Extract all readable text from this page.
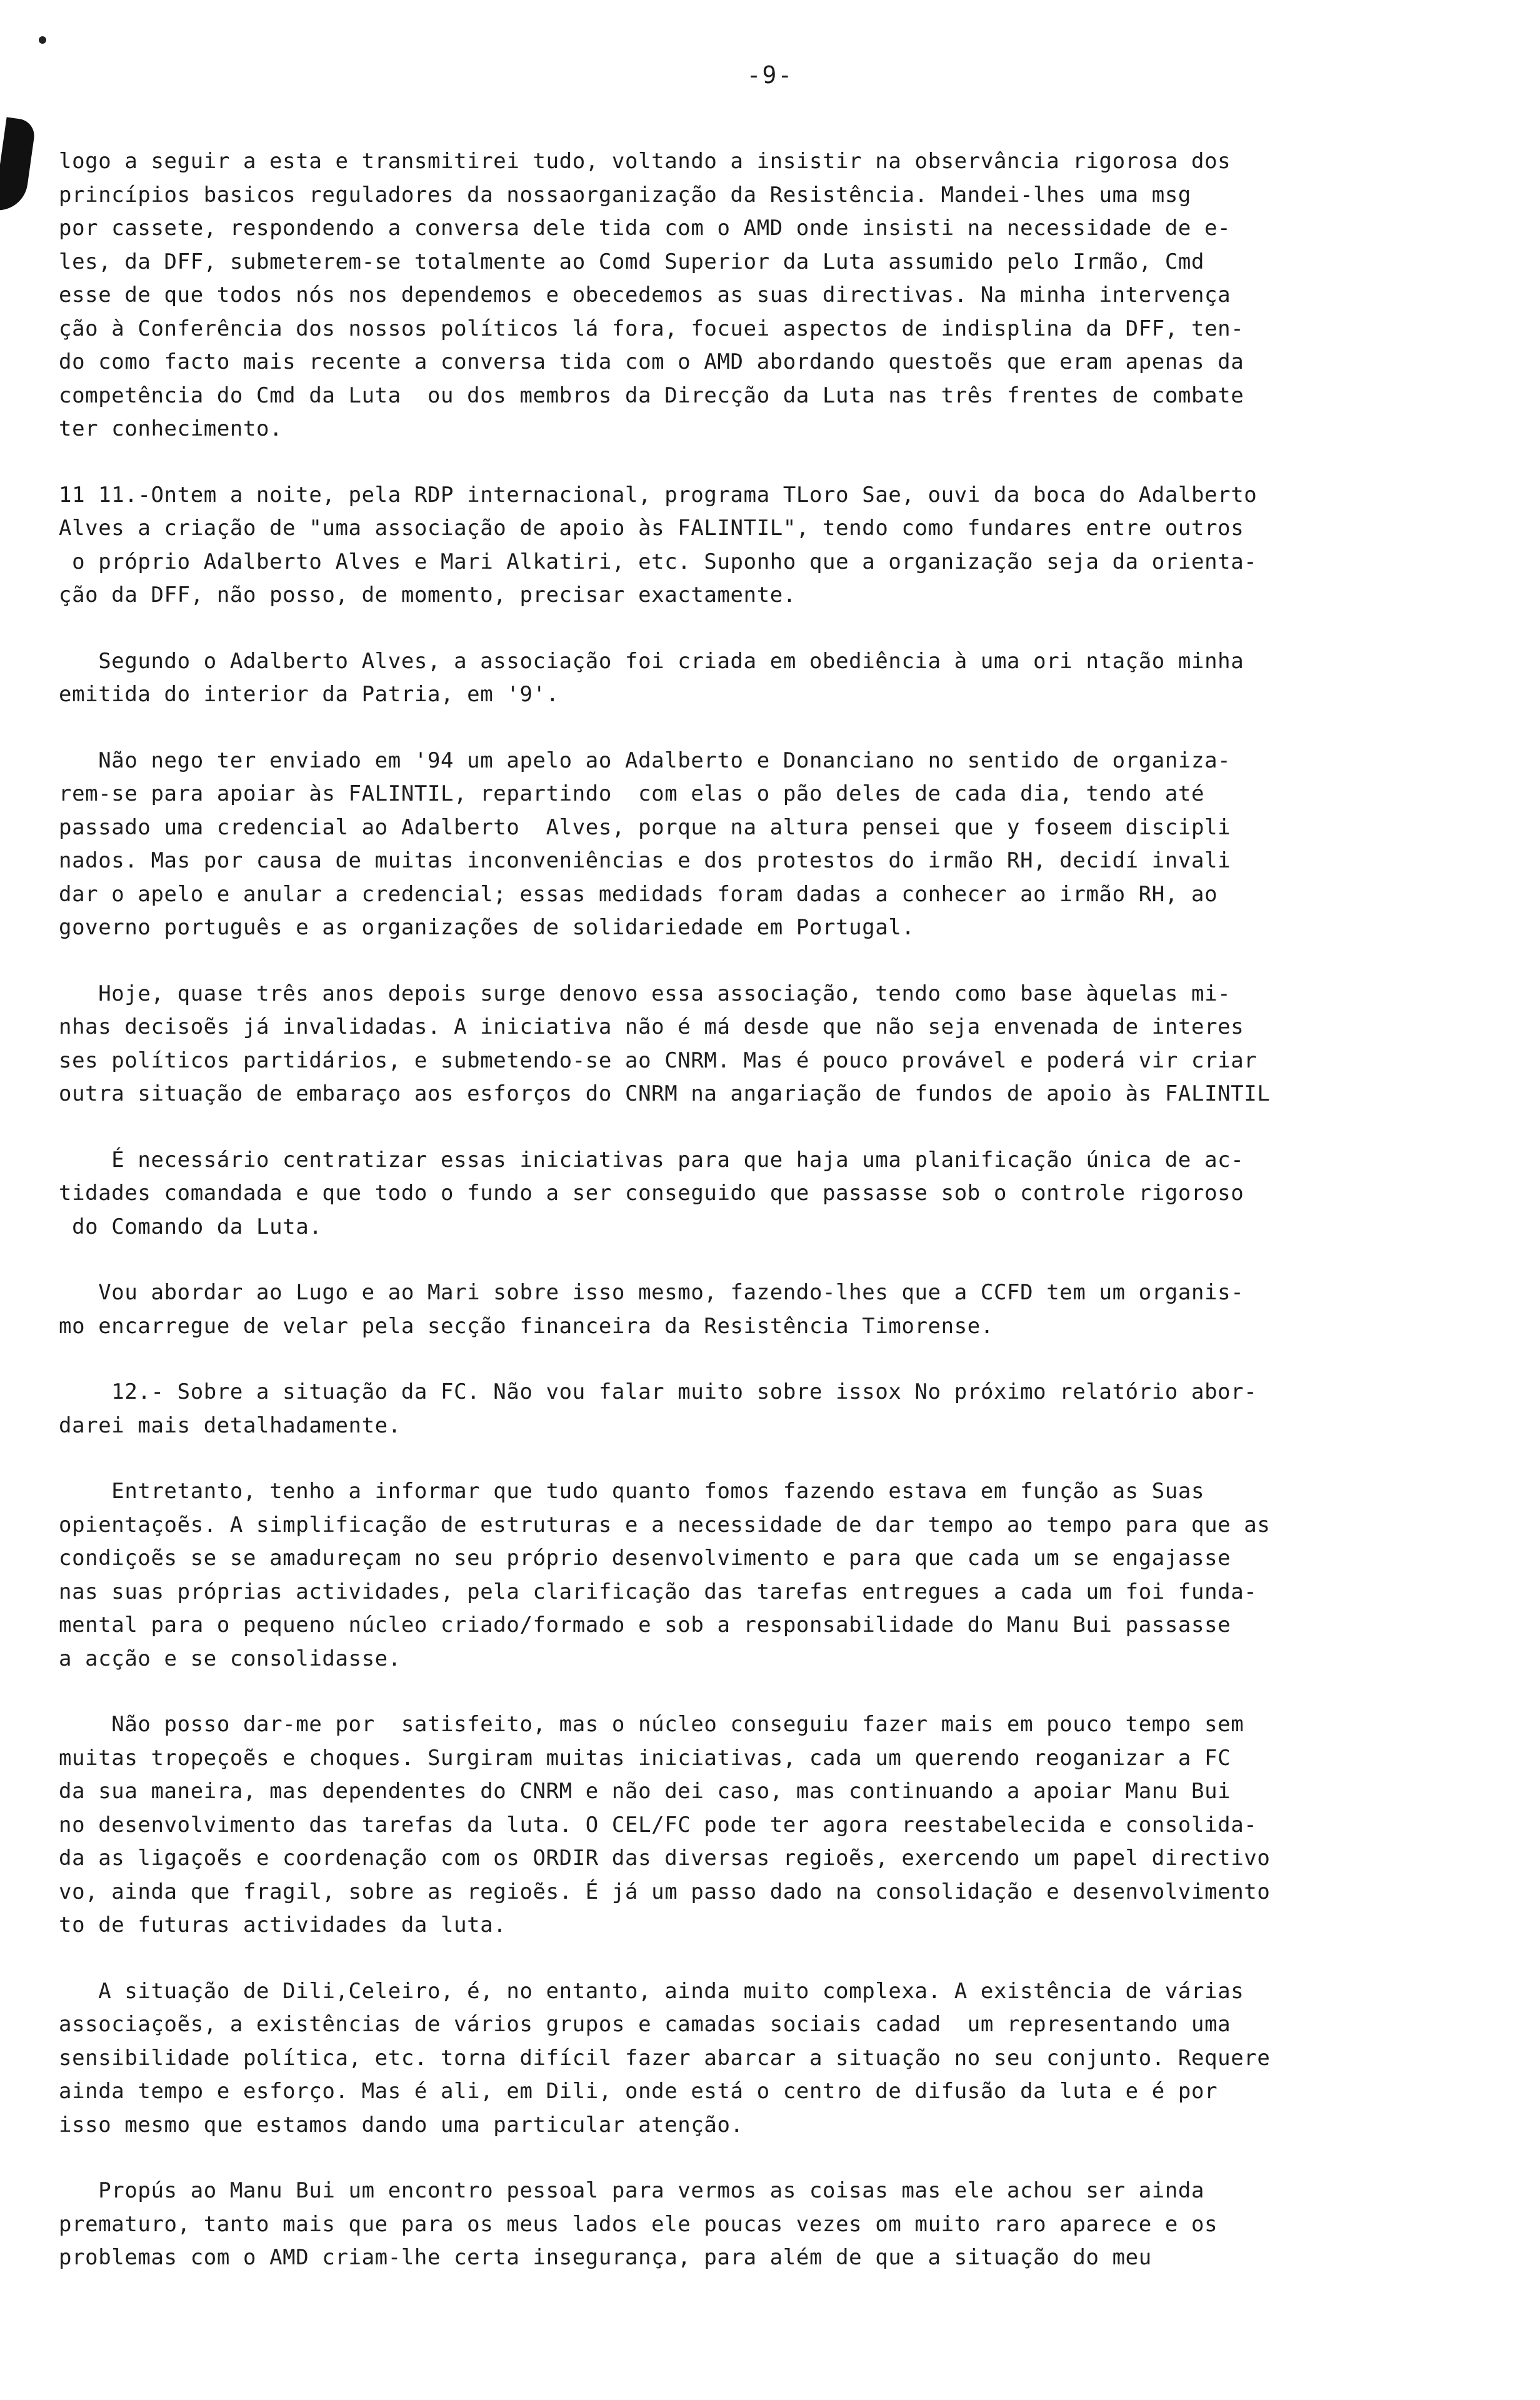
-9-
logo a seguir a esta e transmitirei tudo, voltando a insistir na observância rigorosa dos
princípios basicos reguladores da nossaorganização da Resistência. Mandei-lhes uma msg
por cassete, respondendo a conversa dele tida com o AMD onde insisti na necessidade de e-
les, da DFF, submeterem-se totalmente ao Comd Superior da Luta assumido pelo Irmão, Cmd
esse de que todos nós nos dependemos e obecedemos as suas directivas. Na minha intervença
ção à Conferência dos nossos políticos lá fora, focuei aspectos de indisplina da DFF, ten-
do como facto mais recente a conversa tida com o AMD abordando questoẽs que eram apenas da
competência do Cmd da Luta  ou dos membros da Direcção da Luta nas três frentes de combate
ter conhecimento.
11 11.-Ontem a noite, pela RDP internacional, programa TLoro Sae, ouvi da boca do Adalberto
Alves a criação de "uma associação de apoio às FALINTIL", tendo como fundares entre outros
o próprio Adalberto Alves e Mari Alkatiri, etc. Suponho que a organização seja da orienta-
ção da DFF, não posso, de momento, precisar exactamente.
Segundo o Adalberto Alves, a associação foi criada em obediência à uma ori ntação minha
emitida do interior da Patria, em '9'.
Não nego ter enviado em '94 um apelo ao Adalberto e Donanciano no sentido de organiza-
rem-se para apoiar às FALINTIL, repartindo  com elas o pão deles de cada dia, tendo até
passado uma credencial ao Adalberto  Alves, porque na altura pensei que y foseem discipli
nados. Mas por causa de muitas inconveniências e dos protestos do irmão RH, decidí invali
dar o apelo e anular a credencial; essas medidads foram dadas a conhecer ao irmão RH, ao
governo português e as organizações de solidariedade em Portugal.
Hoje, quase três anos depois surge denovo essa associação, tendo como base àquelas mi-
nhas decisoẽs já invalidadas. A iniciativa não é má desde que não seja envenada de interes
ses políticos partidários, e submetendo-se ao CNRM. Mas é pouco provável e poderá vir criar
outra situação de embaraço aos esforços do CNRM na angariação de fundos de apoio às FALINTIL
É necessário centratizar essas iniciativas para que haja uma planificação única de ac-
tidades comandada e que todo o fundo a ser conseguido que passasse sob o controle rigoroso
do Comando da Luta.
Vou abordar ao Lugo e ao Mari sobre isso mesmo, fazendo-lhes que a CCFD tem um organis-
mo encarregue de velar pela secção financeira da Resistência Timorense.
12.- Sobre a situação da FC. Não vou falar muito sobre issox No próximo relatório abor-
darei mais detalhadamente.
Entretanto, tenho a informar que tudo quanto fomos fazendo estava em função as Suas
opientaçoẽs. A simplificação de estruturas e a necessidade de dar tempo ao tempo para que as
condiçoẽs se se amadureçam no seu próprio desenvolvimento e para que cada um se engajasse
nas suas próprias actividades, pela clarificação das tarefas entregues a cada um foi funda-
mental para o pequeno núcleo criado/formado e sob a responsabilidade do Manu Bui passasse
a acção e se consolidasse.
Não posso dar-me por  satisfeito, mas o núcleo conseguiu fazer mais em pouco tempo sem
muitas tropeçoẽs e choques. Surgiram muitas iniciativas, cada um querendo reoganizar a FC
da sua maneira, mas dependentes do CNRM e não dei caso, mas continuando a apoiar Manu Bui
no desenvolvimento das tarefas da luta. O CEL/FC pode ter agora reestabelecida e consolida-
da as ligaçoẽs e coordenação com os ORDIR das diversas regioẽs, exercendo um papel directivo
vo, ainda que fragil, sobre as regioẽs. É já um passo dado na consolidação e desenvolvimento
to de futuras actividades da luta.
A situação de Dili,Celeiro, é, no entanto, ainda muito complexa. A existência de várias
associaçoẽs, a existências de vários grupos e camadas sociais cadad  um representando uma
sensibilidade política, etc. torna difícil fazer abarcar a situação no seu conjunto. Requere
ainda tempo e esforço. Mas é ali, em Dili, onde está o centro de difusão da luta e é por
isso mesmo que estamos dando uma particular atenção.
Propús ao Manu Bui um encontro pessoal para vermos as coisas mas ele achou ser ainda
prematuro, tanto mais que para os meus lados ele poucas vezes om muito raro aparece e os
problemas com o AMD criam-lhe certa insegurança, para além de que a situação do meu
